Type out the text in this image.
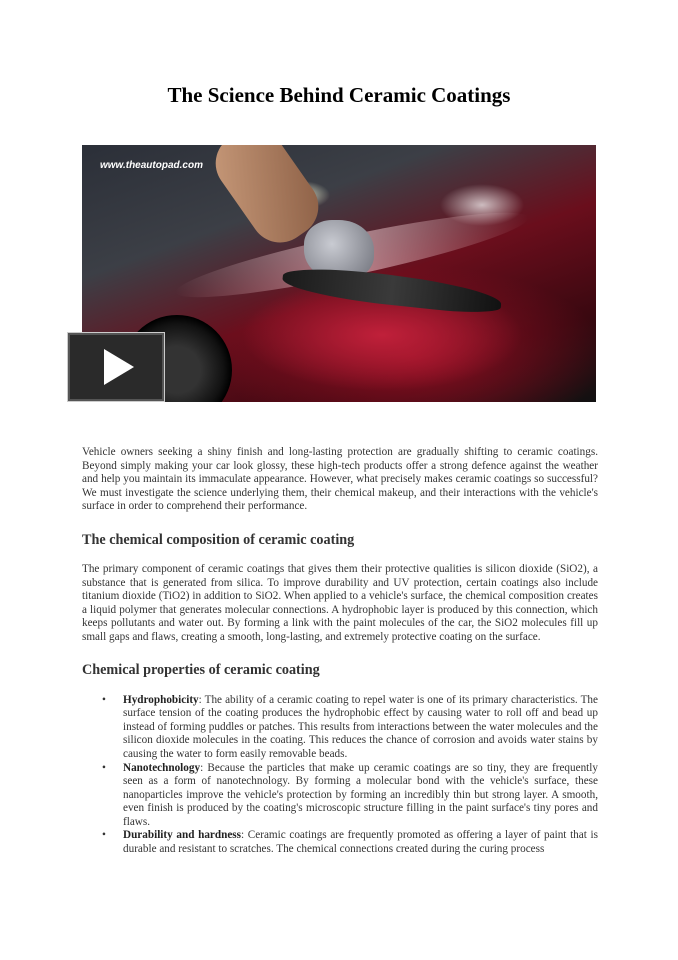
The Science Behind Ceramic Coatings
www.theautopad.com

Vehicle owners seeking a shiny finish and long-lasting protection are gradually shifting to ceramic coatings. Beyond simply making your car look glossy, these high-tech products offer a strong defence against the weather and help you maintain its immaculate appearance. However, what precisely makes ceramic coatings so successful? We must investigate the science underlying them, their chemical makeup, and their interactions with the vehicle's surface in order to comprehend their performance.

The chemical composition of ceramic coating

The primary component of ceramic coatings that gives them their protective qualities is silicon dioxide (SiO2), a substance that is generated from silica. To improve durability and UV protection, certain coatings also include titanium dioxide (TiO2) in addition to SiO2. When applied to a vehicle's surface, the chemical composition creates a liquid polymer that generates molecular connections. A hydrophobic layer is produced by this connection, which keeps pollutants and water out. By forming a link with the paint molecules of the car, the SiO2 molecules fill up small gaps and flaws, creating a smooth, long-lasting, and extremely protective coating on the surface.

Chemical properties of ceramic coating
• Hydrophobicity: The ability of a ceramic coating to repel water is one of its primary characteristics. The surface tension of the coating produces the hydrophobic effect by causing water to roll off and bead up instead of forming puddles or patches. This results from interactions between the water molecules and the silicon dioxide molecules in the coating. This reduces the chance of corrosion and avoids water stains by causing the water to form easily removable beads.
• Nanotechnology: Because the particles that make up ceramic coatings are so tiny, they are frequently seen as a form of nanotechnology. By forming a molecular bond with the vehicle's surface, these nanoparticles improve the vehicle's protection by forming an incredibly thin but strong layer. A smooth, even finish is produced by the coating's microscopic structure filling in the paint surface's tiny pores and flaws.
• Durability and hardness: Ceramic coatings are frequently promoted as offering a layer of paint that is durable and resistant to scratches. The chemical connections created during the curing process
